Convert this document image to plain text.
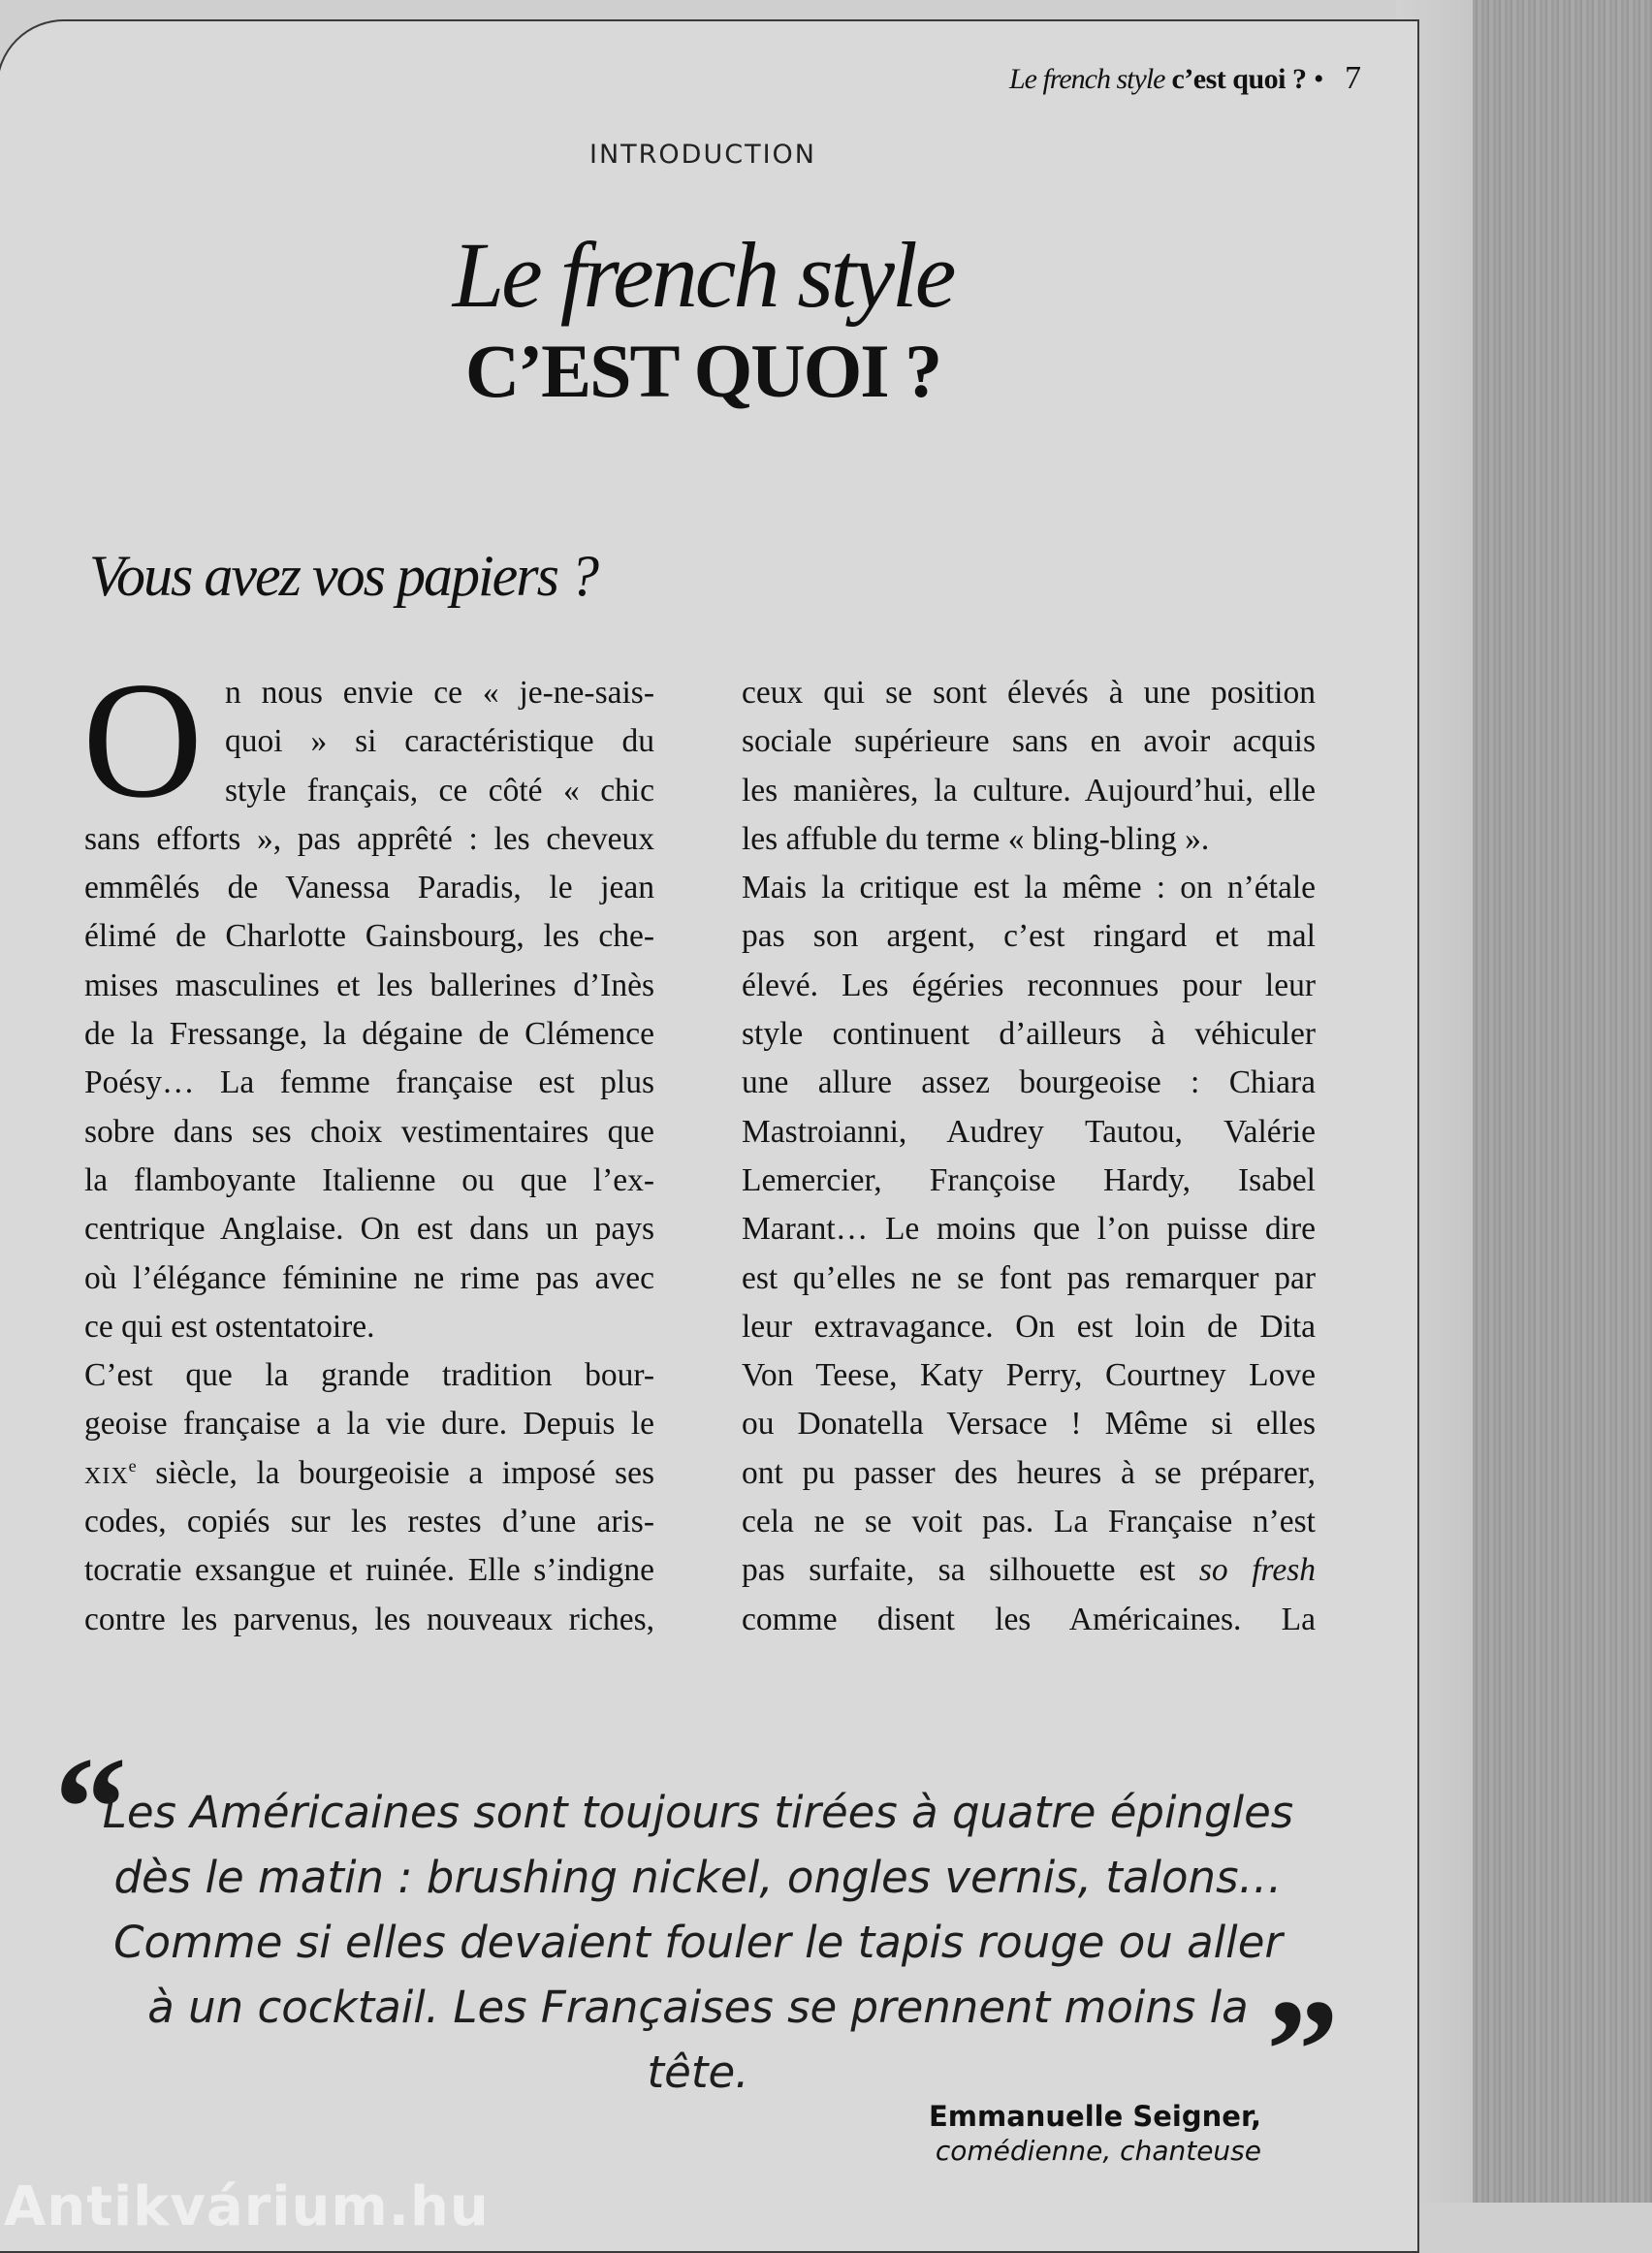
Le french style c’est quoi ? • 7
INTRODUCTION
Le french style
C’EST QUOI ?
Vous avez vos papiers ?
O n nous envie ce « je-ne-sais-
quoi » si caractéristique du
style français, ce côté « chic
sans efforts », pas apprêté : les cheveux
emmêlés de Vanessa Paradis, le jean
élimé de Charlotte Gainsbourg, les che-
mises masculines et les ballerines d’Inès
de la Fressange, la dégaine de Clémence
Poésy… La femme française est plus
sobre dans ses choix vestimentaires que
la flamboyante Italienne ou que l’ex-
centrique Anglaise. On est dans un pays
où l’élégance féminine ne rime pas avec
ce qui est ostentatoire.
C’est que la grande tradition bour-
geoise française a la vie dure. Depuis le
XIXe siècle, la bourgeoisie a imposé ses
codes, copiés sur les restes d’une aris-
tocratie exsangue et ruinée. Elle s’indigne
contre les parvenus, les nouveaux riches,
ceux qui se sont élevés à une position
sociale supérieure sans en avoir acquis
les manières, la culture. Aujourd’hui, elle
les affuble du terme « bling-bling ».
Mais la critique est la même : on n’étale
pas son argent, c’est ringard et mal
élevé. Les égéries reconnues pour leur
style continuent d’ailleurs à véhiculer
une allure assez bourgeoise : Chiara
Mastroianni, Audrey Tautou, Valérie
Lemercier, Françoise Hardy, Isabel
Marant… Le moins que l’on puisse dire
est qu’elles ne se font pas remarquer par
leur extravagance. On est loin de Dita
Von Teese, Katy Perry, Courtney Love
ou Donatella Versace ! Même si elles
ont pu passer des heures à se préparer,
cela ne se voit pas. La Française n’est
pas surfaite, sa silhouette est so fresh
comme disent les Américaines. La
“
Les Américaines sont toujours tirées à quatre épingles
dès le matin : brushing nickel, ongles vernis, talons…
Comme si elles devaient fouler le tapis rouge ou aller
à un cocktail. Les Françaises se prennent moins la tête.	”
Emmanuelle Seigner,
comédienne, chanteuse
Antikvárium.hu
